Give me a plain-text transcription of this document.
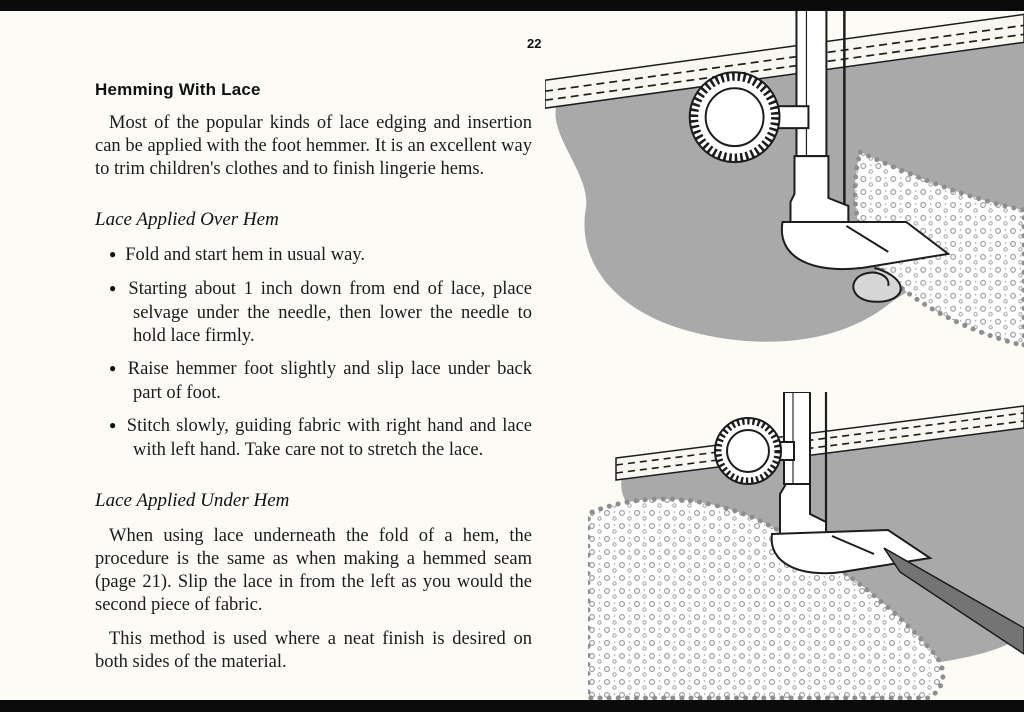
22
Hemming With Lace

Most of the popular kinds of lace edging and insertion can be applied with the foot hemmer. It is an excellent way to trim children's clothes and to finish lingerie hems.

Lace Applied Over Hem
● Fold and start hem in usual way.
● Starting about 1 inch down from end of lace, place selvage under the needle, then lower the needle to hold lace firmly.
● Raise hemmer foot slightly and slip lace under back part of foot.
● Stitch slowly, guiding fabric with right hand and lace with left hand. Take care not to stretch the lace.
Lace Applied Under Hem

When using lace underneath the fold of a hem, the procedure is the same as when making a hemmed seam (page 21). Slip the lace in from the left as you would the second piece of fabric.

This method is used where a neat finish is desired on both sides of the material.
